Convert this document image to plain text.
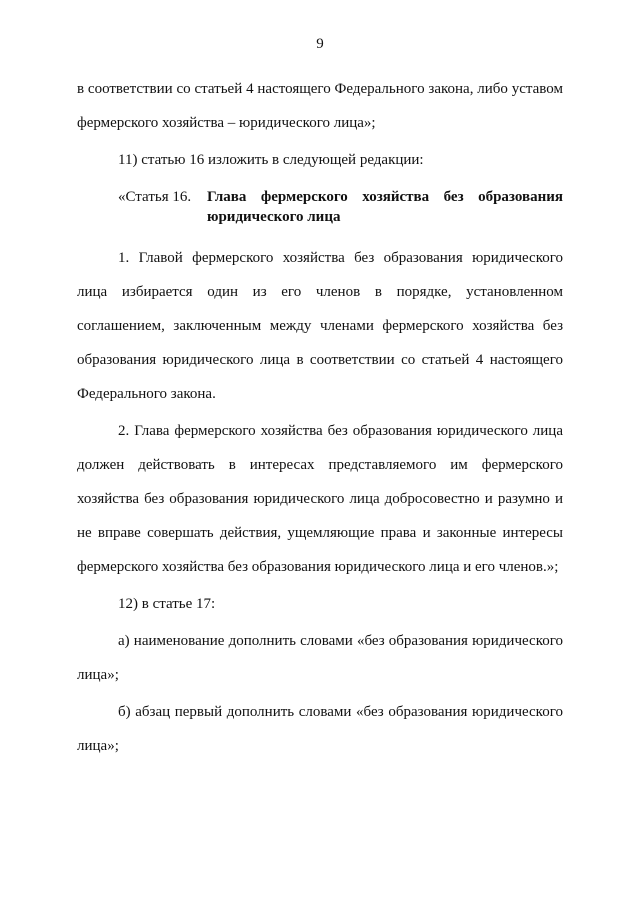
9

в соответствии со статьей 4 настоящего Федерального закона, либо уставом фермерского хозяйства – юридического лица»;

11) статью 16 изложить в следующей редакции:

«Статья 16.	Глава фермерского хозяйства без образования юридического лица

1. Главой фермерского хозяйства без образования юридического лица избирается один из его членов в порядке, установленном соглашением, заключенным между членами фермерского хозяйства без образования юридического лица в соответствии со статьей 4 настоящего Федерального закона.

2. Глава фермерского хозяйства без образования юридического лица должен действовать в интересах представляемого им фермерского хозяйства без образования юридического лица добросовестно и разумно и не вправе совершать действия, ущемляющие права и законные интересы фермерского хозяйства без образования юридического лица и его членов.»;

12) в статье 17:

а) наименование дополнить словами «без образования юридического лица»;

б) абзац первый дополнить словами «без образования юридического лица»;
